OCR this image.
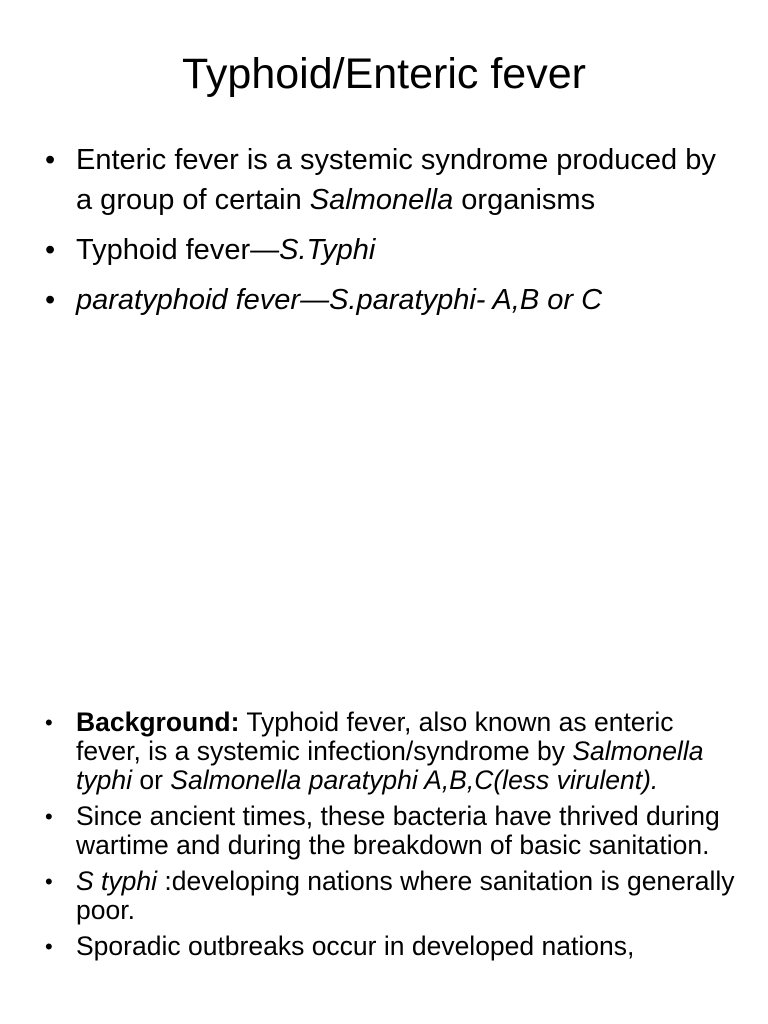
Typhoid/Enteric fever
• Enteric fever is a systemic syndrome produced by a group of certain Salmonella organisms
• Typhoid fever—S.Typhi
• paratyphoid fever—S.paratyphi- A,B or C
• Background: Typhoid fever, also known as enteric fever, is a systemic infection/syndrome by Salmonella typhi or Salmonella paratyphi A,B,C(less virulent).
• Since ancient times, these bacteria have thrived during wartime and during the breakdown of basic sanitation.
• S typhi :developing nations where sanitation is generally poor.
• Sporadic outbreaks occur in developed nations,
